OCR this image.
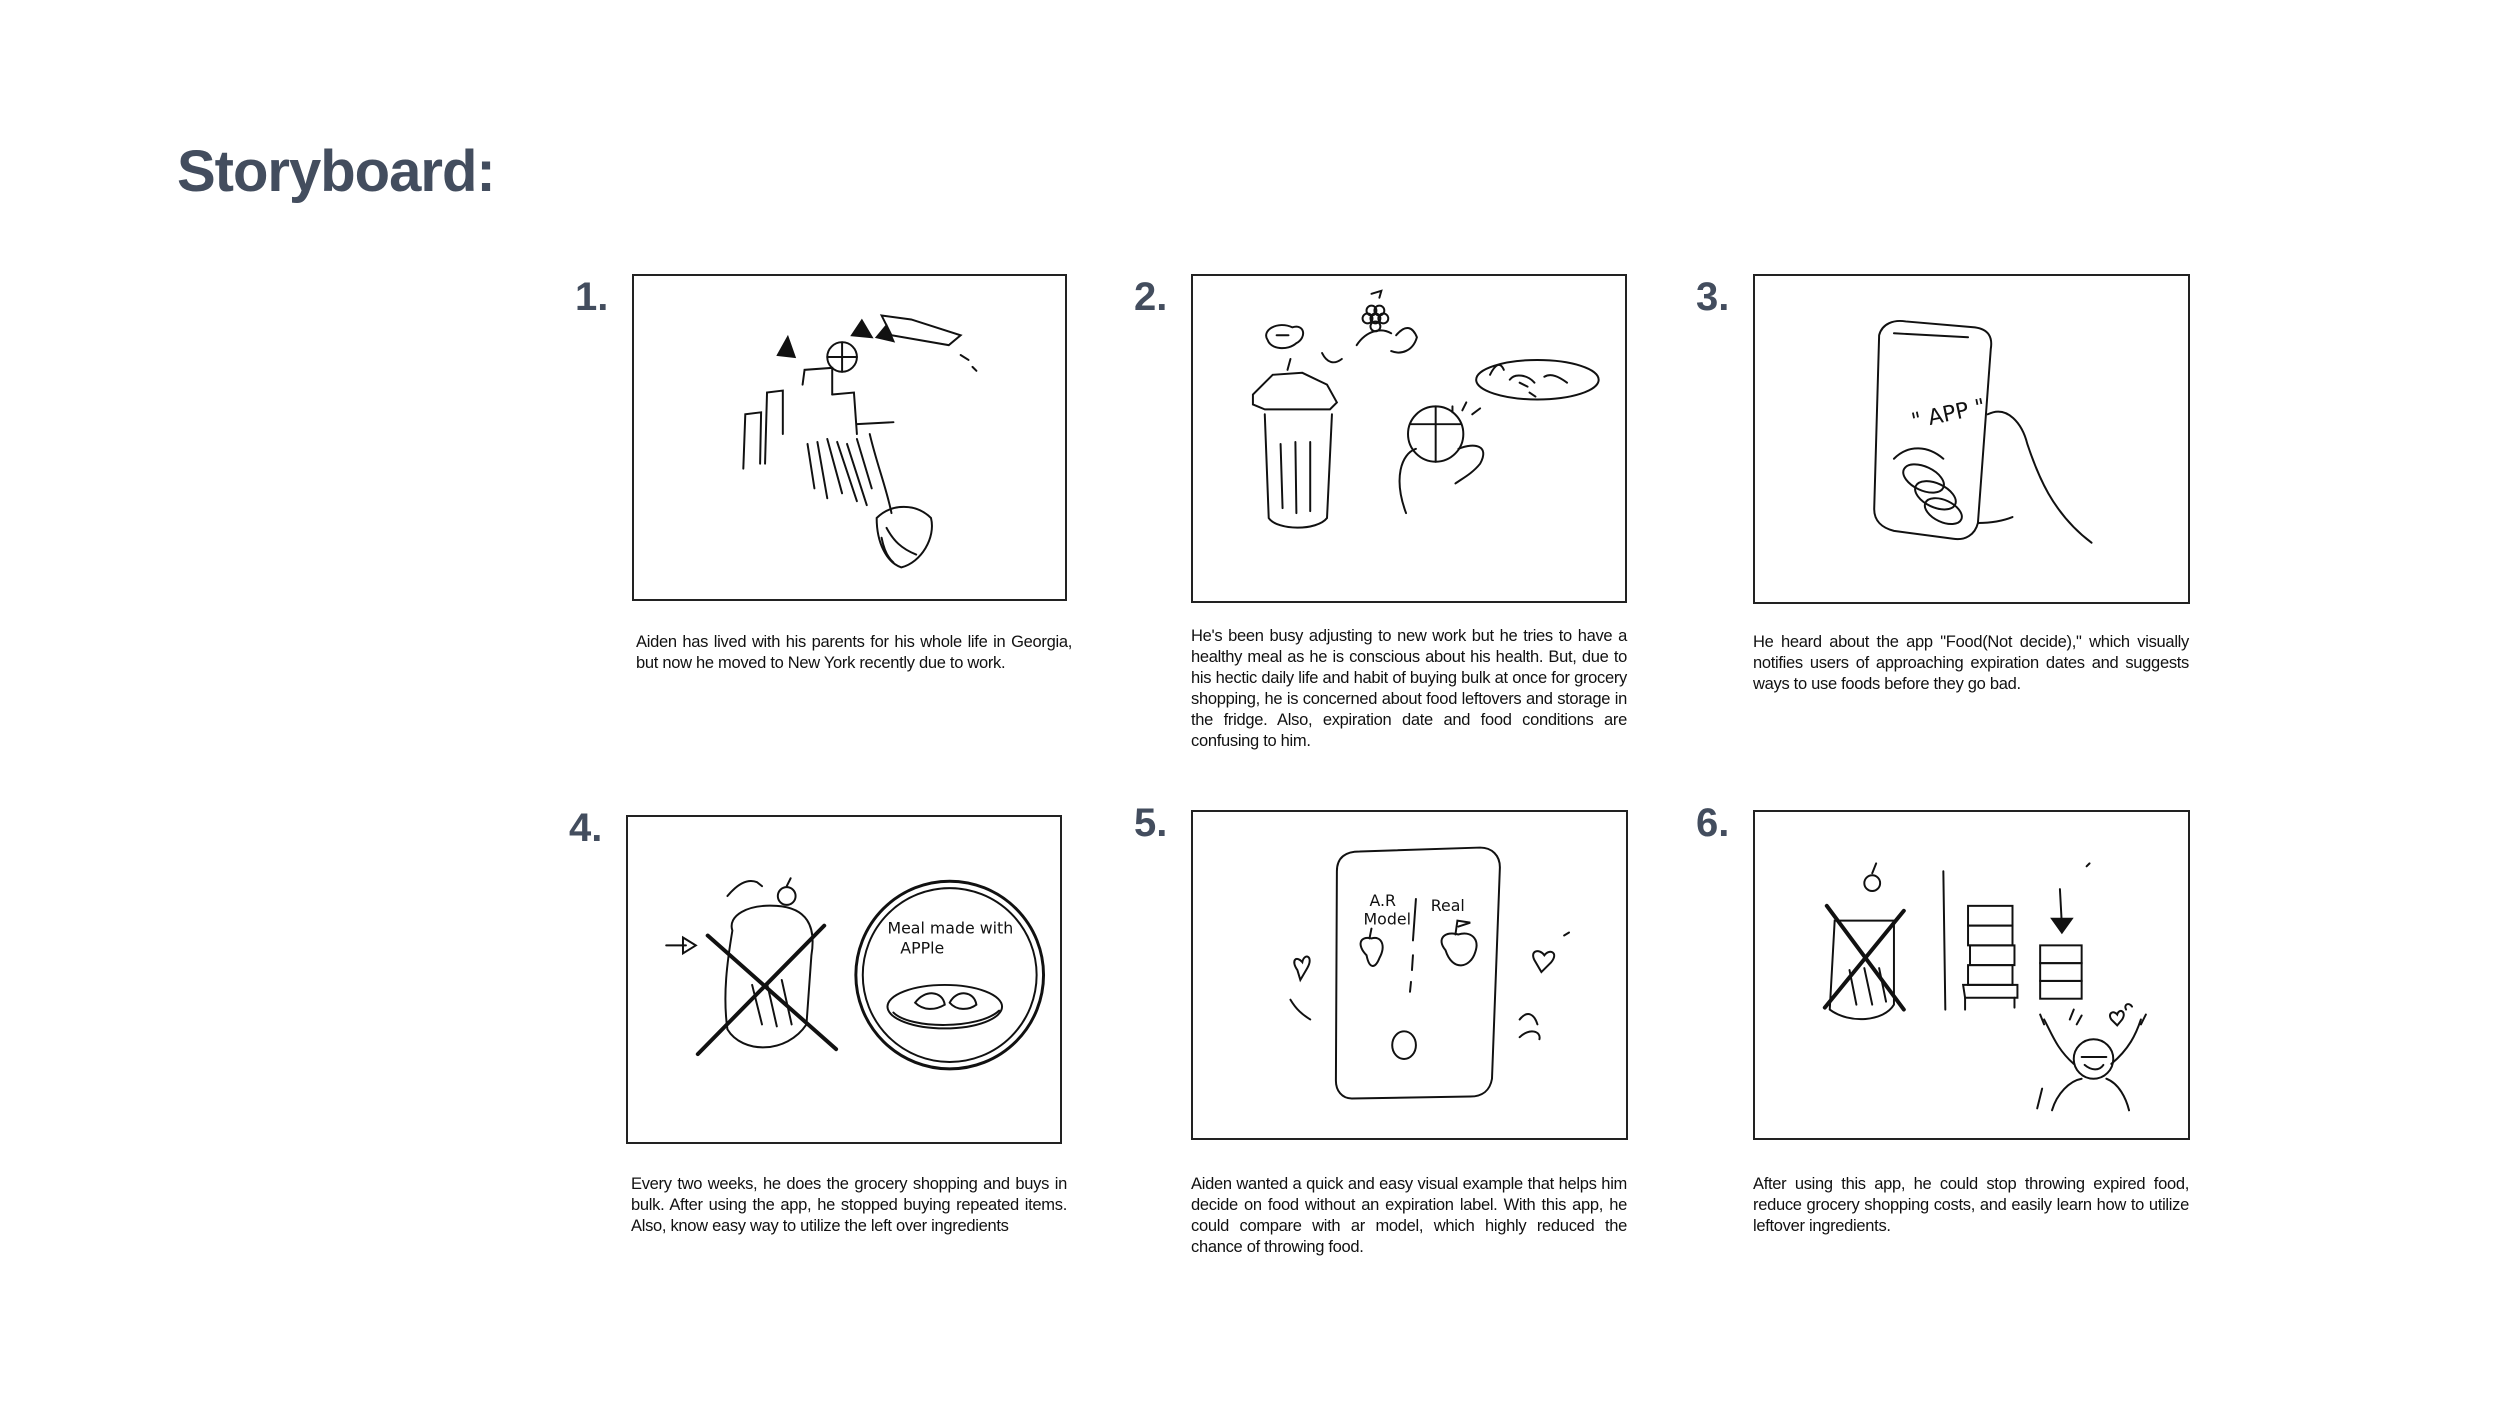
Storyboard:
1.

Aiden has lived with his parents for his whole life in Georgia, but now he moved to New York recently due to work.

2.

He's been busy adjusting to new work but he tries to have a healthy meal as he is conscious about his health. But, due to his hectic daily life and habit of buying bulk at once for grocery shopping, he is concerned about food leftovers and storage in the fridge. Also, expiration date and food conditions are confusing to him.

3.
" APP "

He heard about the app "Food(Not decide)," which visually notifies users of approaching expiration dates and suggests ways to use foods before they go bad.

4.
Meal made with
APPle

Every two weeks, he does the grocery shopping and buys in bulk. After using the app, he stopped buying repeated items. Also, know easy way to utilize the left over ingredients

5.
A.R
Model
Real

Aiden wanted a quick and easy visual example that helps him decide on food without an expiration label. With this app, he could compare with ar model, which highly reduced the chance of throwing food.

6.

After using this app, he could stop throwing expired food, reduce grocery shopping costs, and easily learn how to utilize leftover ingredients.
